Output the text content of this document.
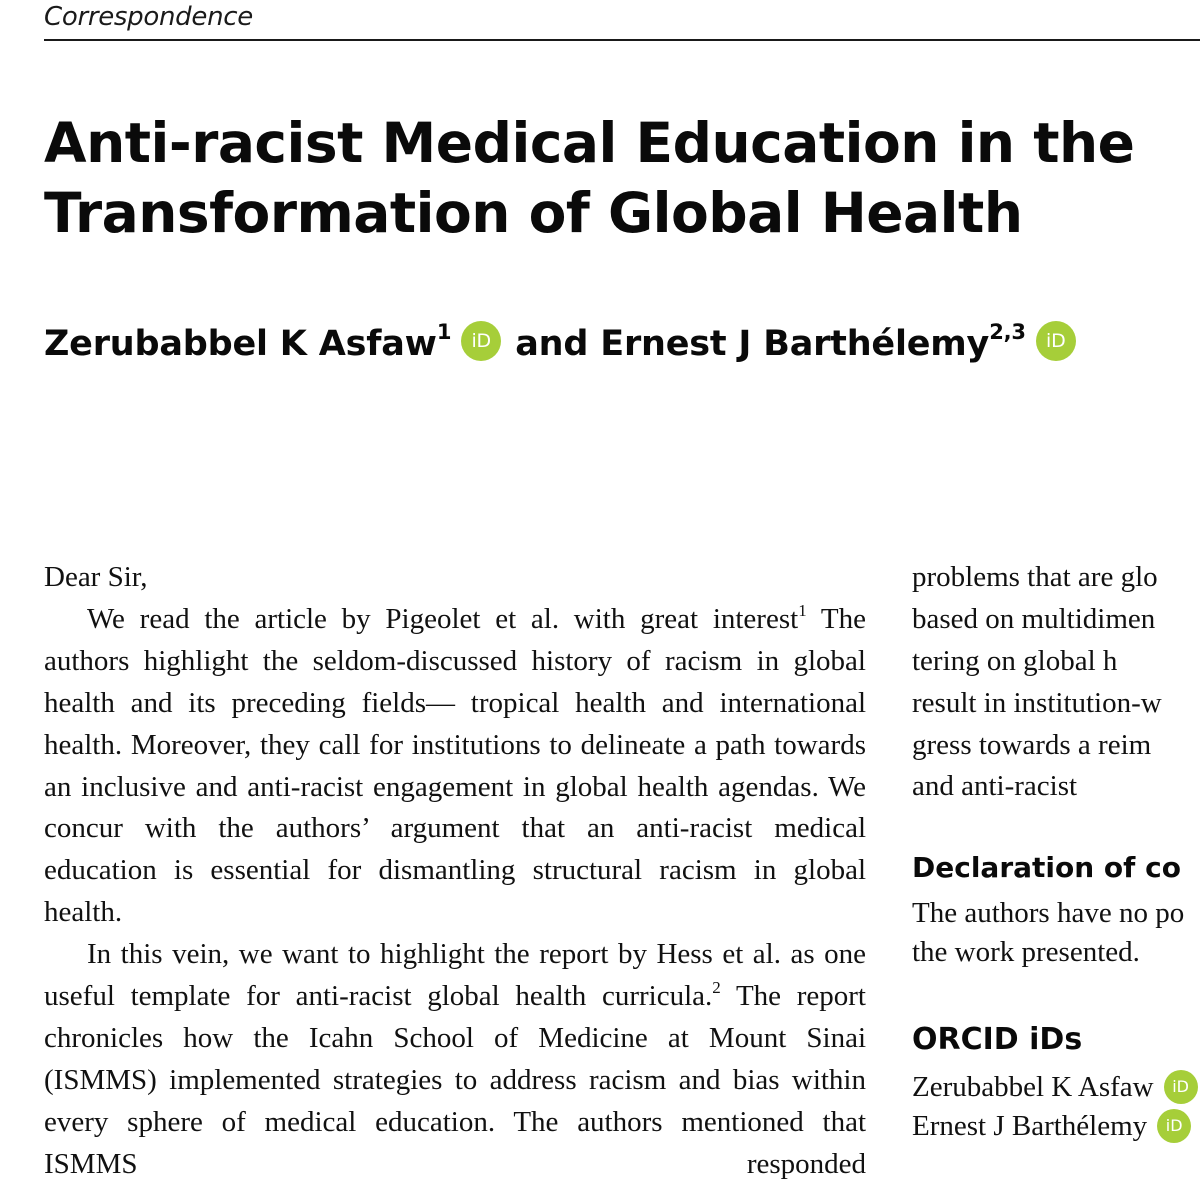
Correspondence
Anti-racist Medical Education in the Transformation of Global Health
Zerubabbel K Asfaw$^1$ iD and Ernest J Barthélemy$^{2,3}$ iD

Dear Sir,

We read the article by Pigeolet et al. with great interest$^1$ The authors highlight the seldom-discussed history of racism in global health and its preceding fields— tropical health and international health. Moreover, they call for institutions to delineate a path towards an inclusive and anti-racist engagement in global health agendas. We concur with the authors’ argument that an anti-racist medical education is essential for dismantling structural racism in global health.

In this vein, we want to highlight the report by Hess et al. as one useful template for anti-racist global health curricula.$^2$ The report chronicles how the Icahn School of Medicine at Mount Sinai (ISMMS) implemented strategies to address racism and bias within every sphere of medical education. The authors mentioned that ISMMS responded

problems that are glo
based on multidimen
tering on global h
result in institution-w
gress towards a reim
and anti-racist
Declaration of co
The authors have no po
the work presented.
ORCID iDs
Zerubabbel K Asfaw iD
Ernest J Barthélemy iD
